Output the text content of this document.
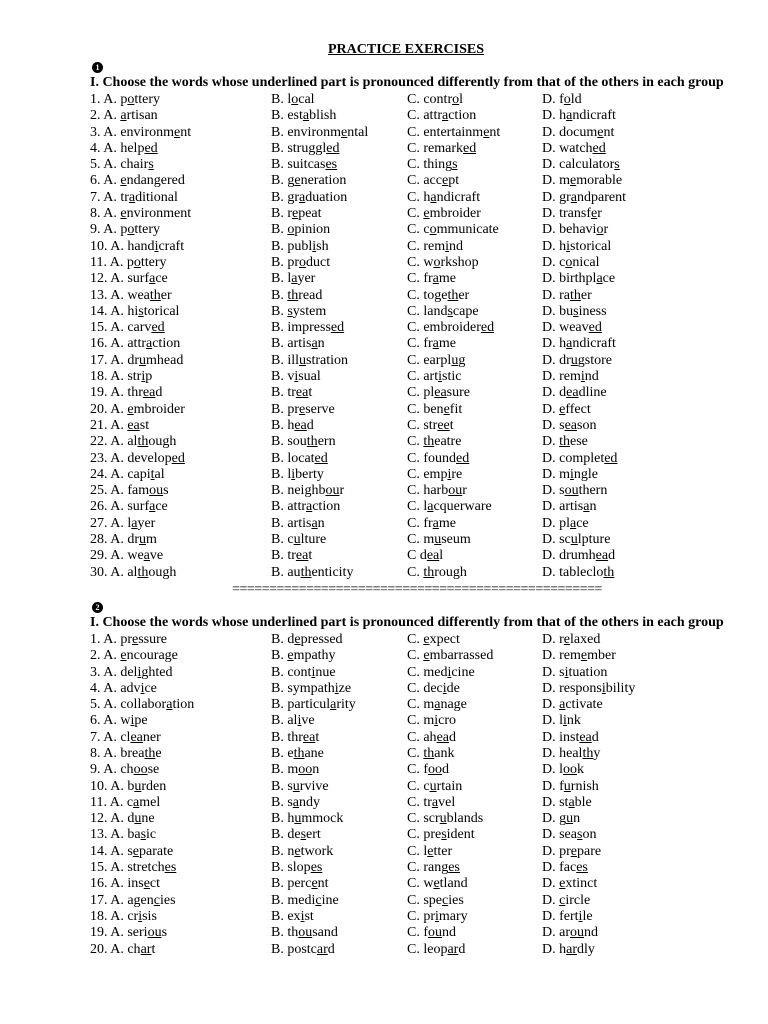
PRACTICE EXERCISES
1
I. Choose the words whose underlined part is pronounced differently from that of the others in each group
1. A. pottery	B. local	C. control	D. fold
2. A. artisan	B. establish	C. attraction	D. handicraft
3. A. environment	B. environmental	C. entertainment	D. document
4. A. helped	B. struggled	C. remarked	D. watched
5. A. chairs	B. suitcases	C. things	D. calculators
6. A. endangered	B. generation	C. accept	D. memorable
7. A. traditional	B. graduation	C. handicraft	D. grandparent
8. A. environment	B. repeat	C. embroider	D. transfer
9. A. pottery	B. opinion	C. communicate	D. behavior
10. A. handicraft	B. publish	C. remind	D. historical
11. A. pottery	B. product	C. workshop	D. conical
12. A. surface	B. layer	C. frame	D. birthplace
13. A. weather	B. thread	C. together	D. rather
14. A. historical	B. system	C. landscape	D. business
15. A. carved	B. impressed	C. embroidered	D. weaved
16. A. attraction	B. artisan	C. frame	D. handicraft
17. A. drumhead	B. illustration	C. earplug	D. drugstore
18. A. strip	B. visual	C. artistic	D. remind
19. A. thread	B. treat	C. pleasure	D. deadline
20. A. embroider	B. preserve	C. benefit	D. effect
21. A. east	B. head	C. street	D. season
22. A. although	B. southern	C. theatre	D. these
23. A. developed	B. located	C. founded	D. completed
24. A. capital	B. liberty	C. empire	D. mingle
25. A. famous	B. neighbour	C. harbour	D. southern
26. A. surface	B. attraction	C. lacquerware	D. artisan
27. A. layer	B. artisan	C. frame	D. place
28. A. drum	B. culture	C. museum	D. sculpture
29. A. weave	B. treat	C deal	D. drumhead
30. A. although	B. authenticity	C. through	D. tablecloth
==================================================
2
I. Choose the words whose underlined part is pronounced differently from that of the others in each group
1. A. pressure	B. depressed	C. expect	D. relaxed
2. A. encourage	B. empathy	C. embarrassed	D. remember
3. A. delighted	B. continue	C. medicine	D. situation
4. A. advice	B. sympathize	C. decide	D. responsibility
5. A. collaboration	B. particularity	C. manage	D. activate
6. A. wipe	B. alive	C. micro	D. link
7. A. cleaner	B. threat	C. ahead	D. instead
8. A. breathe	B. ethane	C. thank	D. healthy
9. A. choose	B. moon	C. food	D. look
10. A. burden	B. survive	C. curtain	D. furnish
11. A. camel	B. sandy	C. travel	D. stable
12. A. dune	B. hummock	C. scrublands	D. gun
13. A. basic	B. desert	C. president	D. season
14. A. separate	B. network	C. letter	D. prepare
15. A. stretches	B. slopes	C. ranges	D. faces
16. A. insect	B. percent	C. wetland	D. extinct
17. A. agencies	B. medicine	C. species	D. circle
18. A. crisis	B. exist	C. primary	D. fertile
19. A. serious	B. thousand	C. found	D. around
20. A. chart	B. postcard	C. leopard	D. hardly
